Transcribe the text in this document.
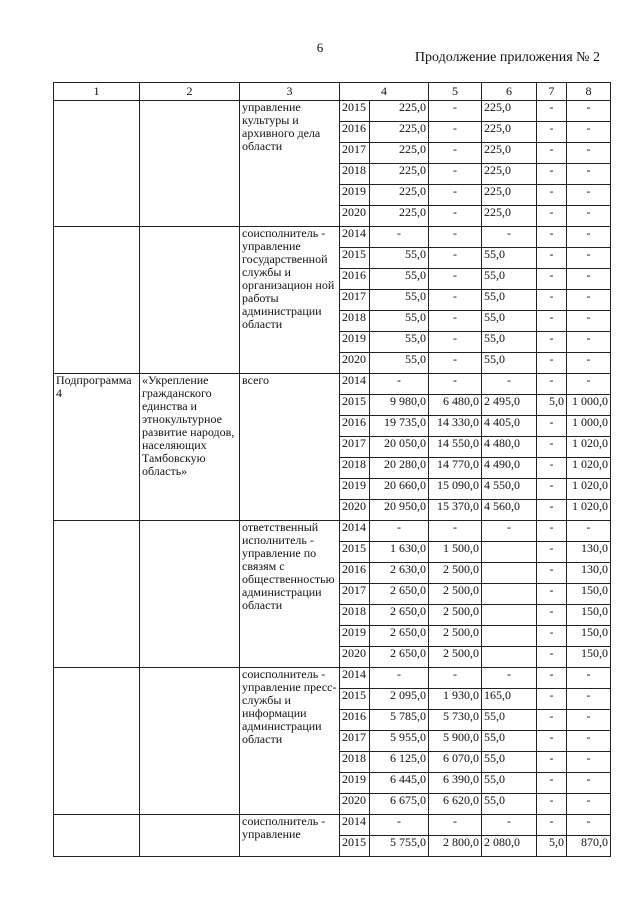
6
Продолжение приложения № 2
1	2	3	4		5	6	7	8
		управление культуры и архивного дела области	2015	225,0	-	225,0	-	-
			2016	225,0	-	225,0	-	-
			2017	225,0	-	225,0	-	-
			2018	225,0	-	225,0	-	-
			2019	225,0	-	225,0	-	-
			2020	225,0	-	225,0	-	-
		соисполнитель - управление государственной службы и организацион ной работы администрации области	2014	-	-	-	-	-
			2015	55,0	-	55,0	-	-
			2016	55,0	-	55,0	-	-
			2017	55,0	-	55,0	-	-
			2018	55,0	-	55,0	-	-
			2019	55,0	-	55,0	-	-
			2020	55,0	-	55,0	-	-
Подпрограмма 4	«Укрепление гражданского единства и этнокультурное развитие народов, населяющих Тамбовскую область»	всего	2014	-	-	-	-	-
			2015	9 980,0	6 480,0	2 495,0	5,0	1 000,0
			2016	19 735,0	14 330,0	4 405,0	-	1 000,0
			2017	20 050,0	14 550,0	4 480,0	-	1 020,0
			2018	20 280,0	14 770,0	4 490,0	-	1 020,0
			2019	20 660,0	15 090,0	4 550,0	-	1 020,0
			2020	20 950,0	15 370,0	4 560,0	-	1 020,0
		ответственный исполнитель - управление по связям с общественностью администрации области	2014	-	-	-	-	-
			2015	1 630,0	1 500,0		-	130,0
			2016	2 630,0	2 500,0		-	130,0
			2017	2 650,0	2 500,0		-	150,0
			2018	2 650,0	2 500,0		-	150,0
			2019	2 650,0	2 500,0		-	150,0
			2020	2 650,0	2 500,0		-	150,0
		соисполнитель - управление пресс-службы и информации администрации области	2014	-	-	-	-	-
			2015	2 095,0	1 930,0	165,0	-	-
			2016	5 785,0	5 730,0	55,0	-	-
			2017	5 955,0	5 900,0	55,0	-	-
			2018	6 125,0	6 070,0	55,0	-	-
			2019	6 445,0	6 390,0	55,0	-	-
			2020	6 675,0	6 620,0	55,0	-	-
		соисполнитель - управление	2014	-	-	-	-	-
			2015	5 755,0	2 800,0	2 080,0	5,0	870,0
